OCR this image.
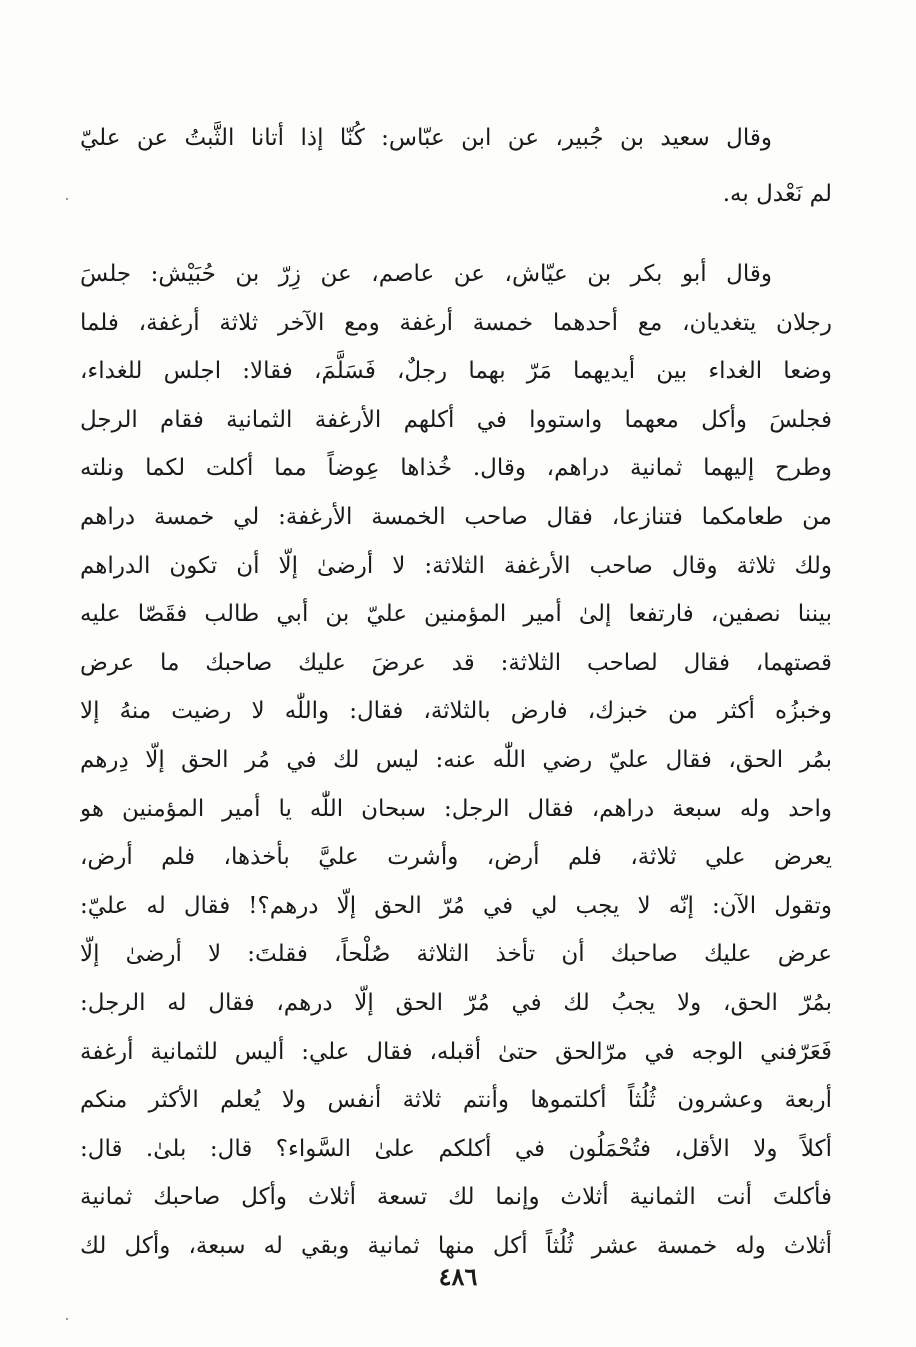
وقال سعيد بن جُبير، عن ابن عبّاس: كُنّا إذا أتانا الثَّبتُ عن عليّ
لم نَعْدل به.
وقال أبو بكر بن عيّاش، عن عاصم، عن زِرّ بن حُبَيْش: جلسَ
رجلان يتغديان، مع أحدهما خمسة أرغفة ومع الآخر ثلاثة أرغفة، فلما
وضعا الغداء بين أيديهما مَرّ بهما رجلٌ، فَسَلَّمَ، فقالا: اجلس للغداء،
فجلسَ وأكل معهما واستووا في أكلهم الأرغفة الثمانية فقام الرجل
وطرح إليهما ثمانية دراهم، وقال. خُذاها عِوضاً مما أكلت لكما ونلته
من طعامكما فتنازعا، فقال صاحب الخمسة الأرغفة: لي خمسة دراهم
ولك ثلاثة وقال صاحب الأرغفة الثلاثة: لا أرضىٰ إلّا أن تكون الدراهم
بيننا نصفين، فارتفعا إلىٰ أمير المؤمنين عليّ بن أبي طالب فقَصّا عليه
قصتهما، فقال لصاحب الثلاثة: قد عرضَ عليك صاحبك ما عرض
وخبزُه أكثر من خبزك، فارض بالثلاثة، فقال: واللّٰه لا رضيت منهُ إلا
بمُر الحق، فقال عليّ رضي اللّٰه عنه: ليس لك في مُر الحق إلّا دِرهم
واحد وله سبعة دراهم، فقال الرجل: سبحان اللّٰه يا أمير المؤمنين هو
يعرض علي ثلاثة، فلم أرض، وأشرت عليَّ بأخذها، فلم أرض،
وتقول الآن: إنّه لا يجب لي في مُرّ الحق إلّا درهم؟! فقال له عليّ:
عرض عليك صاحبك أن تأخذ الثلاثة صُلْحاً، فقلتَ: لا أرضىٰ إلّا
بمُرّ الحق، ولا يجبُ لك في مُرّ الحق إلّا درهم، فقال له الرجل:
فَعَرّفني الوجه في مرّالحق حتىٰ أقبله، فقال علي: أليس للثمانية أرغفة
أربعة وعشرون ثُلُثاً أكلتموها وأنتم ثلاثة أنفس ولا يُعلم الأكثر منكم
أكلاً ولا الأقل، فتُحْمَلُون في أكلكم علىٰ السَّواء؟ قال: بلىٰ. قال:
فأكلتَ أنت الثمانية أثلاث وإنما لك تسعة أثلاث وأكل صاحبك ثمانية
أثلاث وله خمسة عشر ثُلُثاً أكل منها ثمانية وبقي له سبعة، وأكل لك
٤٨٦
